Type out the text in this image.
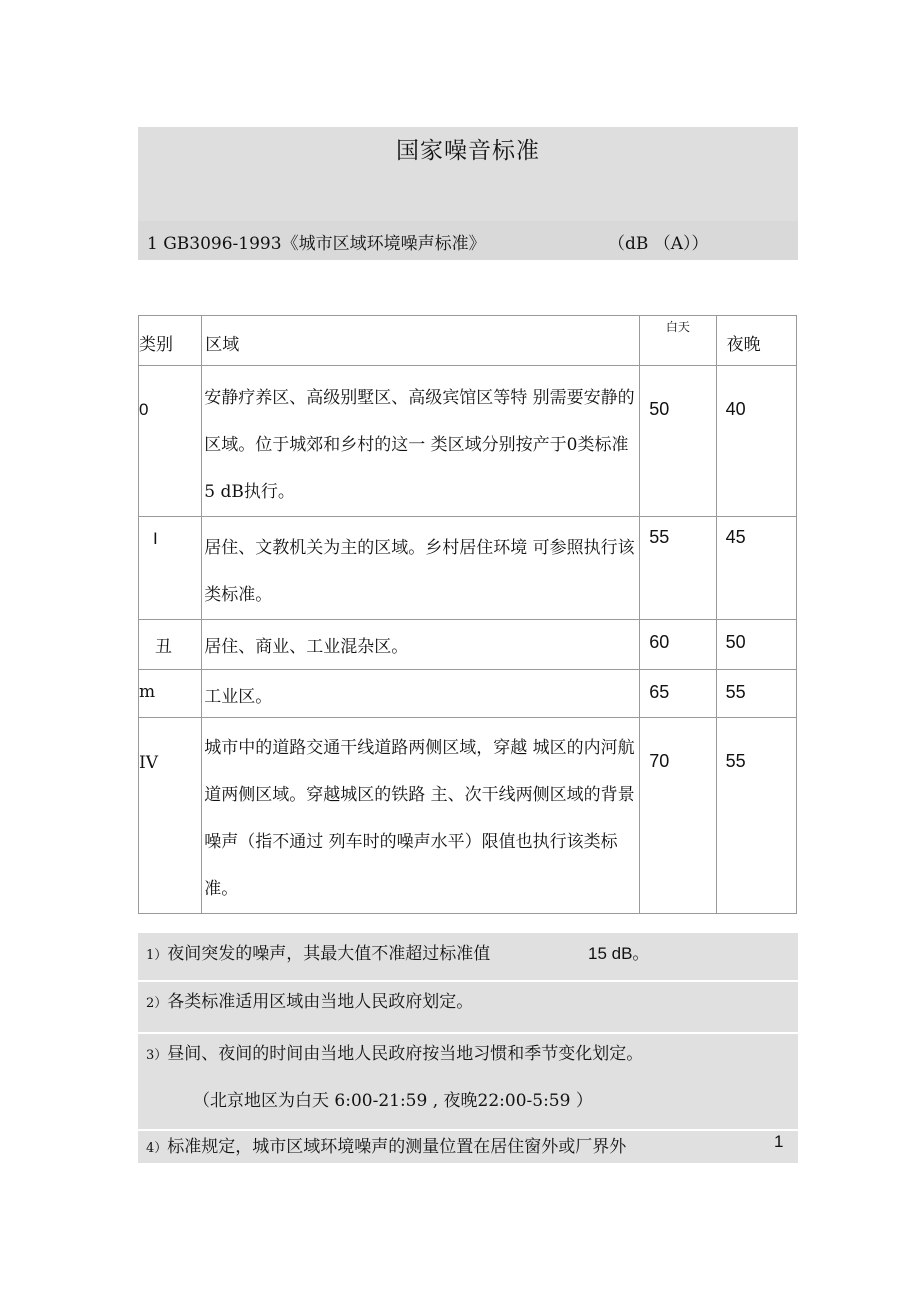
国家噪音标准
1 GB3096-1993《城市区域环境噪声标准》	（dB （A））
类别	区域	白天	夜晚

0	安静疗养区、高级别墅区、高级宾馆区等特 别需要安静的区域。位于城郊和乡村的这一 类区域分别按产于0类标准5 dB执行。	50	40

I	居住、文教机关为主的区域。乡村居住环境 可参照执行该类标准。	55	45

丑	居住、商业、工业混杂区。	60	50

m	工业区。	65	55

IV	城市中的道路交通干线道路两侧区域，穿越 城区的内河航道两侧区域。穿越城区的铁路 主、次干线两侧区域的背景噪声（指不通过 列车时的噪声水平）限值也执行该类标准。	70	55
1）夜间突发的噪声，其最大值不准超过标准值	15 dB。
2）各类标准适用区域由当地人民政府划定。
3）昼间、夜间的时间由当地人民政府按当地习惯和季节变化划定。
（北京地区为白天 6:00-21:59 , 夜晚22:00-5:59 ）
4）标准规定，城市区域环境噪声的测量位置在居住窗外或厂界外	1
